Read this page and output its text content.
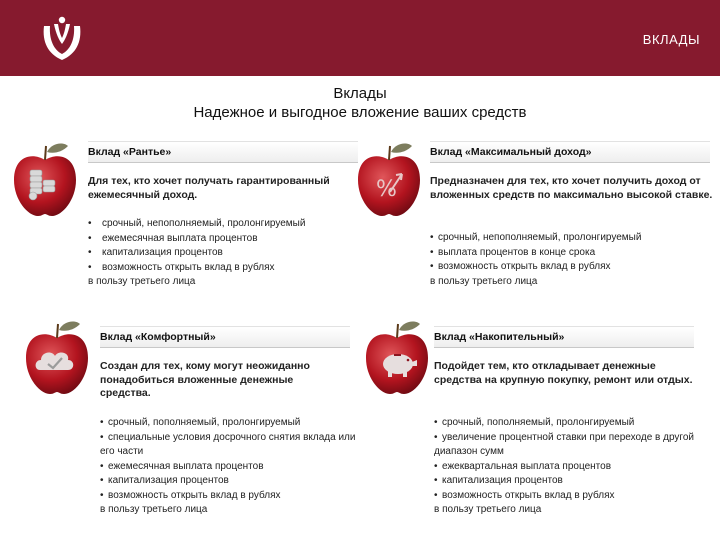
ВКЛАДЫ
Вклады
Надежное и выгодное вложение ваших средств
Вклад «Рантье»
Для тех, кто хочет получать гарантированный ежемесячный доход.
• срочный, непополняемый, пролонгируемый
• ежемесячная выплата процентов
• капитализация процентов
• возможность открыть вклад в рублях
в пользу третьего лица
%
Вклад «Максимальный доход»
Предназначен для тех, кто хочет получить доход от вложенных средств по максимально высокой ставке.
• срочный, непополняемый, пролонгируемый
• выплата процентов в конце срока
• возможность открыть вклад в рублях
в пользу третьего лица
Вклад «Комфортный»
Создан для тех, кому могут неожиданно понадобиться вложенные денежные средства.
• срочный, пополняемый, пролонгируемый
• специальные условия досрочного снятия вклада или его части
• ежемесячная выплата процентов
• капитализация процентов
• возможность открыть вклад в рублях
в пользу третьего лица
Вклад «Накопительный»
Подойдет тем, кто откладывает денежные средства на крупную покупку, ремонт или отдых.
• срочный, пополняемый, пролонгируемый
• увеличение процентной ставки при переходе в другой диапазон сумм
• ежеквартальная выплата процентов
• капитализация процентов
• возможность открыть вклад в рублях
в пользу третьего лица
